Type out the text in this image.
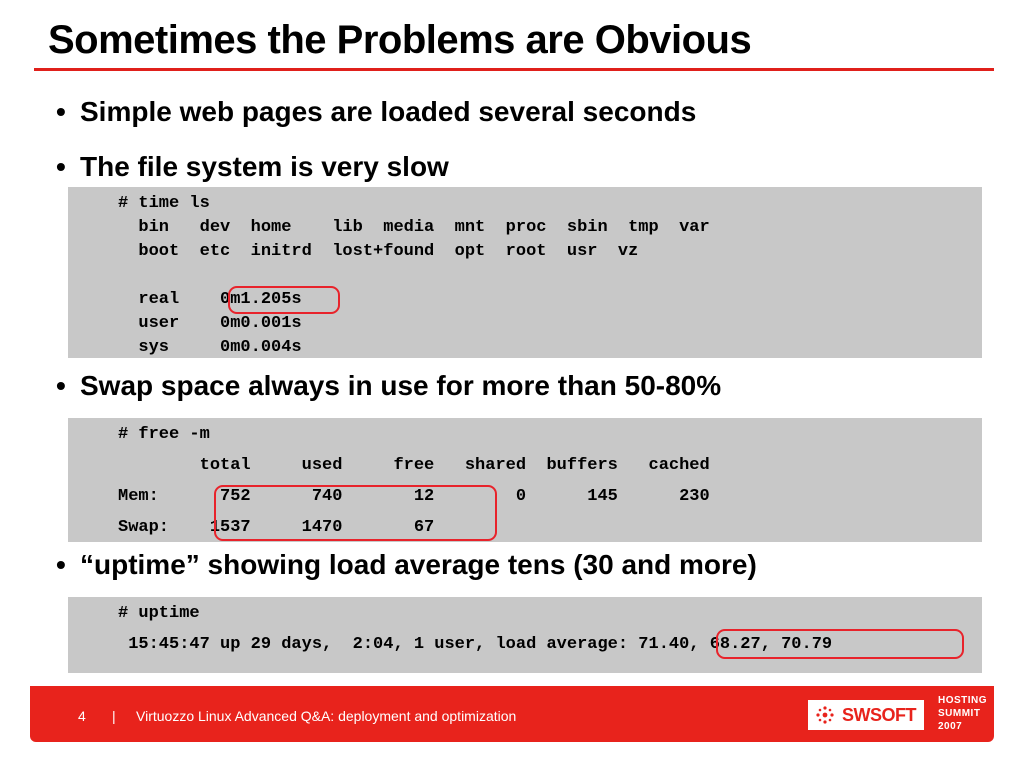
Sometimes the Problems are Obvious
• Simple web pages are loaded several seconds
• The file system is very slow
# time ls
bin   dev  home    lib  media  mnt  proc  sbin  tmp  var
boot  etc  initrd  lost+found  opt  root  usr  vz
real    0m1.205s
user    0m0.001s
sys     0m0.004s
• Swap space always in use for more than 50-80%
# free -m
total     used     free   shared  buffers   cached
Mem:      752      740       12        0      145      230
Swap:    1537     1470       67
• “uptime” showing load average tens (30 and more)
# uptime
15:45:47 up 29 days,  2:04, 1 user, load average: 71.40, 68.27, 70.79
4 | Virtuozzo Linux Advanced Q&A: deployment and optimization	SWSOFT
HOSTING
SUMMIT
2007
